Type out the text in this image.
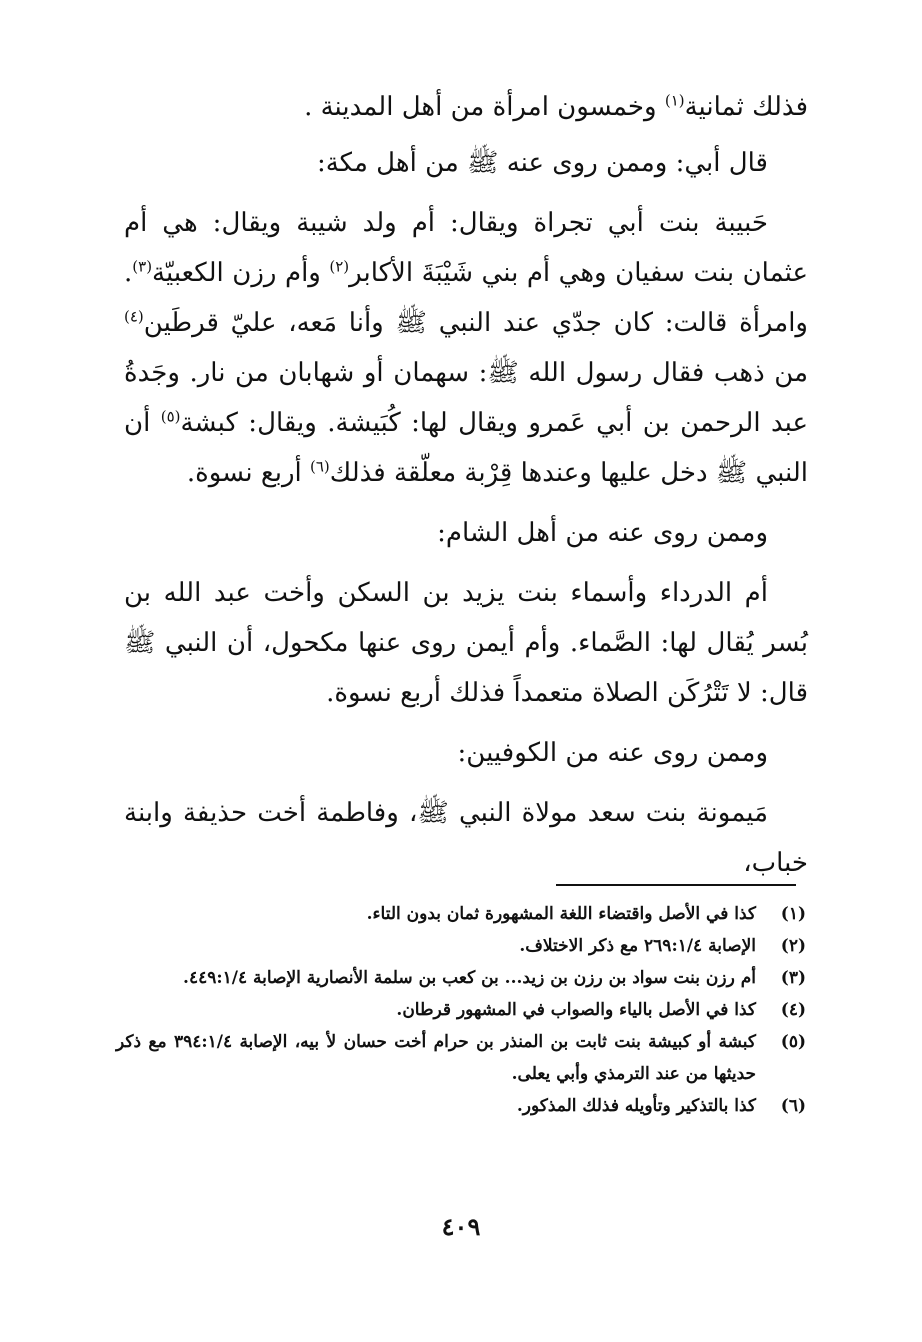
فذلك ثمانية$^{(١)}$ وخمسون امرأة من أهل المدينة .

قال أبي: وممن روى عنه ﷺ من أهل مكة:

حَبيبة بنت أبي تجراة ويقال: أم ولد شيبة ويقال: هي أم عثمان بنت سفيان وهي أم بني شَيْبَةَ الأكابر$^{(٢)}$ وأم رزن الكعبيّة$^{(٣)}$. وامرأة قالت: كان جدّي عند النبي ﷺ وأنا مَعه، عليّ قرطَين$^{(٤)}$ من ذهب فقال رسول الله ﷺ: سهمان أو شهابان من نار. وجَدةُ عبد الرحمن بن أبي عَمرو ويقال لها: كُبَيشة. ويقال: كبشة$^{(٥)}$ أن النبي ﷺ دخل عليها وعندها قِرْبة معلّقة فذلك$^{(٦)}$ أربع نسوة.

وممن روى عنه من أهل الشام:

أم الدرداء وأسماء بنت يزيد بن السكن وأخت عبد الله بن بُسر يُقال لها: الصَّماء. وأم أيمن روى عنها مكحول، أن النبي ﷺ قال: لا تَتْرُكَن الصلاة متعمداً فذلك أربع نسوة.

وممن روى عنه من الكوفيين:

مَيمونة بنت سعد مولاة النبي ﷺ، وفاطمة أخت حذيفة وابنة خباب،

(١)
كذا في الأصل واقتضاء اللغة المشهورة ثمان بدون التاء.
(٢)
الإصابة ٢٦٩:١/٤ مع ذكر الاختلاف.
(٣)
أم رزن بنت سواد بن رزن بن زيد... بن كعب بن سلمة الأنصارية الإصابة ٤٤٩:١/٤.
(٤)
كذا في الأصل بالياء والصواب في المشهور قرطان.
(٥)
كبشة أو كبيشة بنت ثابت بن المنذر بن حرام أخت حسان لأ بيه، الإصابة ٣٩٤:١/٤ مع ذكر حديثها من عند الترمذي وأبي يعلى.
(٦)
كذا بالتذكير وتأويله فذلك المذكور.
٤٠٩
